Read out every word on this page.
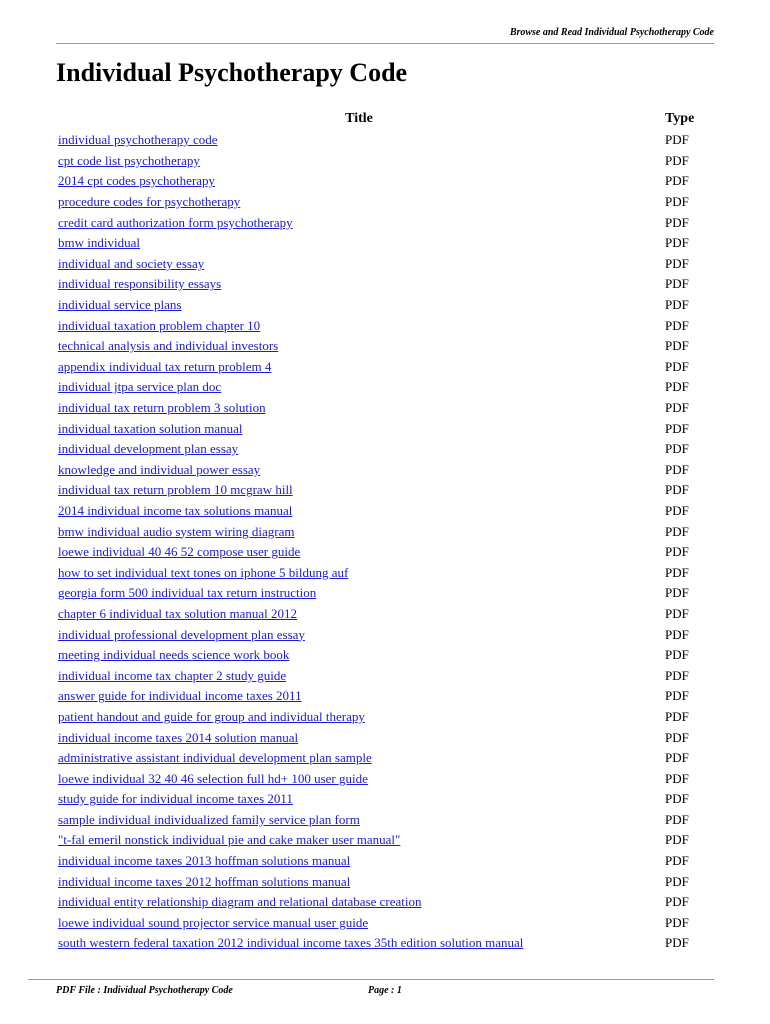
Browse and Read Individual Psychotherapy Code
Individual Psychotherapy Code
Title	Type
individual psychotherapy code	PDF
cpt code list psychotherapy	PDF
2014 cpt codes psychotherapy	PDF
procedure codes for psychotherapy	PDF
credit card authorization form psychotherapy	PDF
bmw individual	PDF
individual and society essay	PDF
individual responsibility essays	PDF
individual service plans	PDF
individual taxation problem chapter 10	PDF
technical analysis and individual investors	PDF
appendix individual tax return problem 4	PDF
individual jtpa service plan doc	PDF
individual tax return problem 3 solution	PDF
individual taxation solution manual	PDF
individual development plan essay	PDF
knowledge and individual power essay	PDF
individual tax return problem 10 mcgraw hill	PDF
2014 individual income tax solutions manual	PDF
bmw individual audio system wiring diagram	PDF
loewe individual 40 46 52 compose user guide	PDF
how to set individual text tones on iphone 5 bildung auf	PDF
georgia form 500 individual tax return instruction	PDF
chapter 6 individual tax solution manual 2012	PDF
individual professional development plan essay	PDF
meeting individual needs science work book	PDF
individual income tax chapter 2 study guide	PDF
answer guide for individual income taxes 2011	PDF
patient handout and guide for group and individual therapy	PDF
individual income taxes 2014 solution manual	PDF
administrative assistant individual development plan sample	PDF
loewe individual 32 40 46 selection full hd+ 100 user guide	PDF
study guide for individual income taxes 2011	PDF
sample individual individualized family service plan form	PDF
"t-fal emeril nonstick individual pie and cake maker user manual"	PDF
individual income taxes 2013 hoffman solutions manual	PDF
individual income taxes 2012 hoffman solutions manual	PDF
individual entity relationship diagram and relational database creation	PDF
loewe individual sound projector service manual user guide	PDF
south western federal taxation 2012 individual income taxes 35th edition solution manual	PDF
PDF File : Individual Psychotherapy Code	Page : 1
